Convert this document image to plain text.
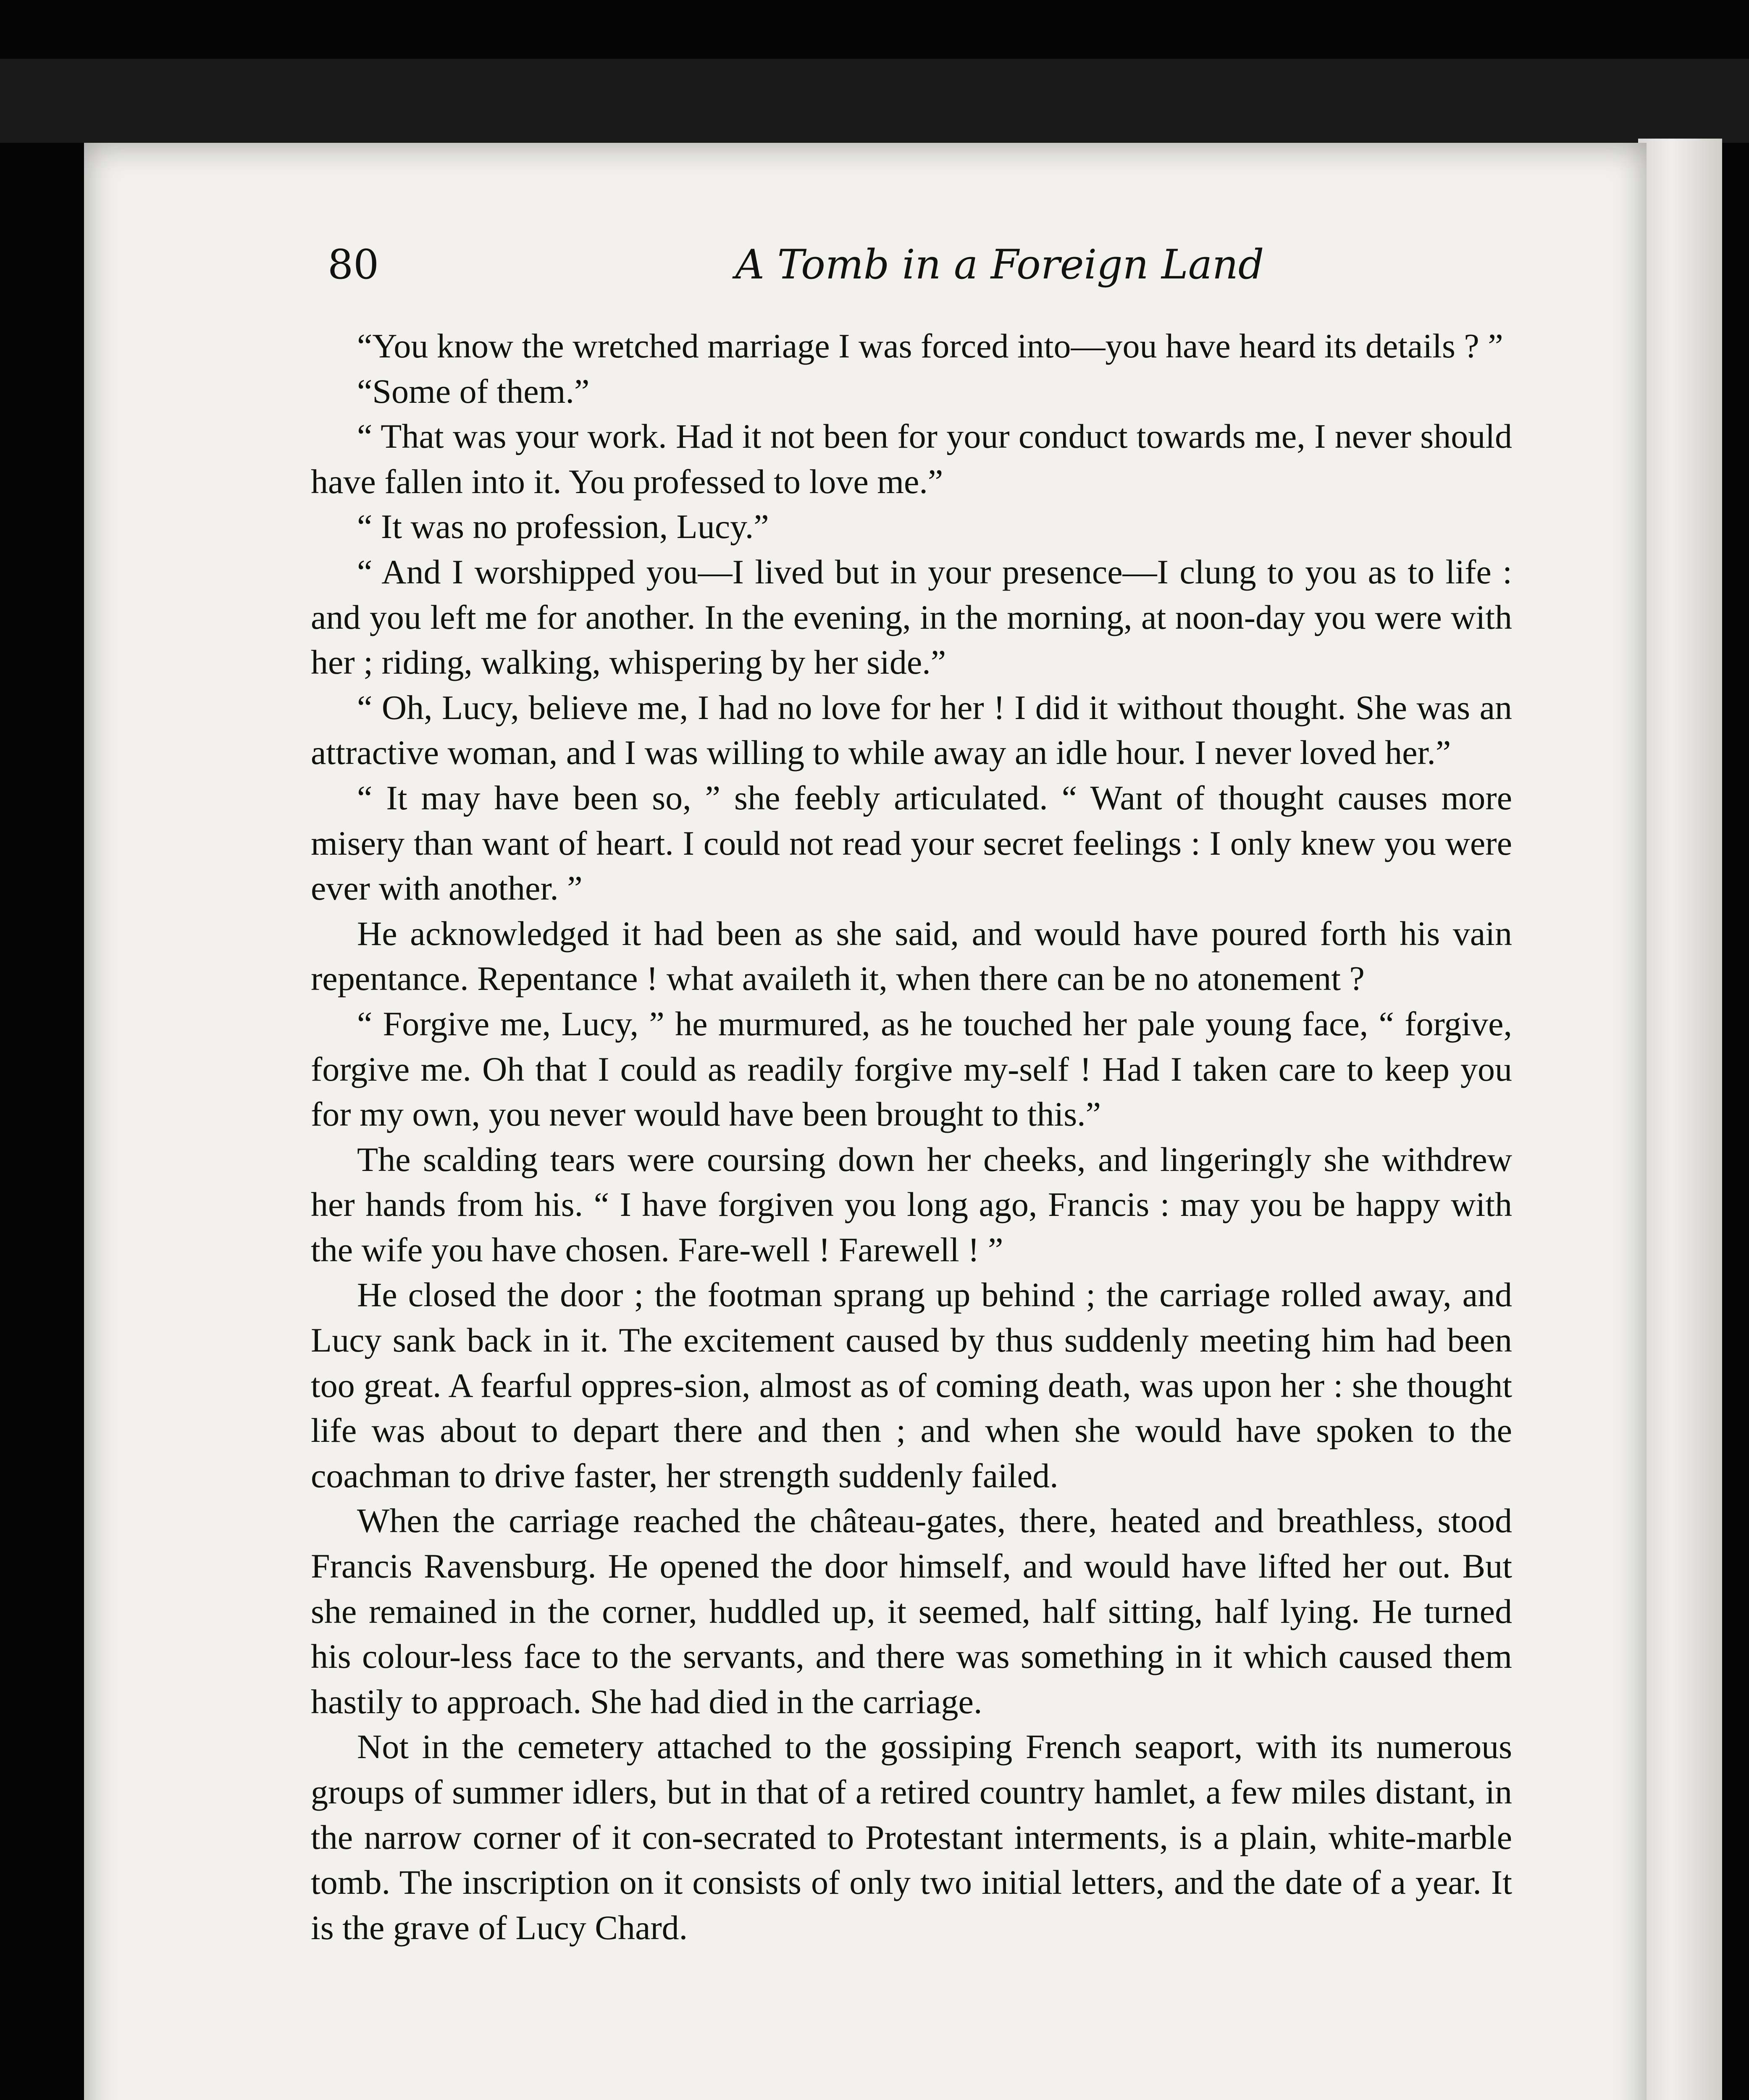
80	A Tomb in a Foreign Land

“You know the wretched marriage I was forced into—you have heard its details ? ”

“Some of them.”

“ That was your work. Had it not been for your conduct towards me, I never should have fallen into it. You professed to love me.”

“ It was no profession, Lucy.”

“ And I worshipped you—I lived but in your presence—I clung to you as to life : and you left me for another. In the evening, in the morning, at noon-day you were with her ; riding, walking, whispering by her side.”

“ Oh, Lucy, believe me, I had no love for her ! I did it without thought. She was an attractive woman, and I was willing to while away an idle hour. I never loved her.”

“ It may have been so, ” she feebly articulated. “ Want of thought causes more misery than want of heart. I could not read your secret feelings : I only knew you were ever with another. ”

He acknowledged it had been as she said, and would have poured forth his vain repentance. Repentance ! what availeth it, when there can be no atonement ?

“ Forgive me, Lucy, ” he murmured, as he touched her pale young face, “ forgive, forgive me. Oh that I could as readily forgive my-self ! Had I taken care to keep you for my own, you never would have been brought to this.”

The scalding tears were coursing down her cheeks, and lingeringly she withdrew her hands from his. “ I have forgiven you long ago, Francis : may you be happy with the wife you have chosen. Fare-well ! Farewell ! ”

He closed the door ; the footman sprang up behind ; the carriage rolled away, and Lucy sank back in it. The excitement caused by thus suddenly meeting him had been too great. A fearful oppres-sion, almost as of coming death, was upon her : she thought life was about to depart there and then ; and when she would have spoken to the coachman to drive faster, her strength suddenly failed.

When the carriage reached the château-gates, there, heated and breathless, stood Francis Ravensburg. He opened the door himself, and would have lifted her out. But she remained in the corner, huddled up, it seemed, half sitting, half lying. He turned his colour-less face to the servants, and there was something in it which caused them hastily to approach. She had died in the carriage.

Not in the cemetery attached to the gossiping French seaport, with its numerous groups of summer idlers, but in that of a retired country hamlet, a few miles distant, in the narrow corner of it con-secrated to Protestant interments, is a plain, white-marble tomb. The inscription on it consists of only two initial letters, and the date of a year. It is the grave of Lucy Chard.
